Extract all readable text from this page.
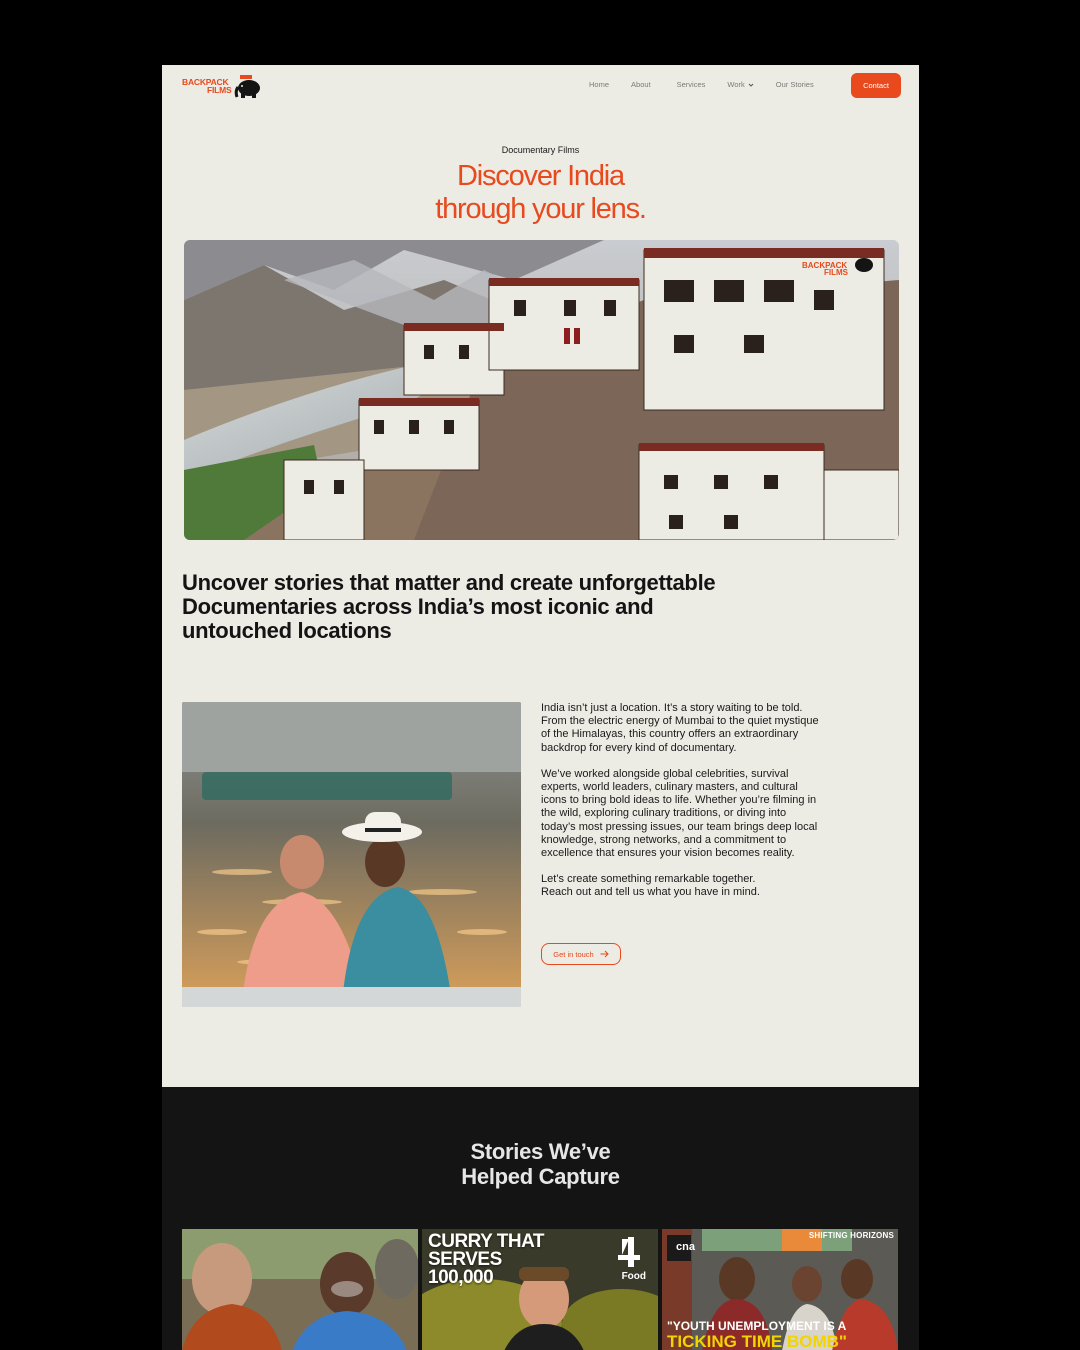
BACKPACK
FILMS
Home	About	Services	Work	Our Stories	Contact
Documentary Films
Discover India
through your lens.
BACKPACK
FILMS
Uncover stories that matter and create unforgettable
Documentaries across India’s most iconic and
untouched locations

India isn’t just a location. It’s a story waiting to be told.
From the electric energy of Mumbai to the quiet mystique
of the Himalayas, this country offers an extraordinary
backdrop for every kind of documentary.

We’ve worked alongside global celebrities, survival
experts, world leaders, culinary masters, and cultural
icons to bring bold ideas to life. Whether you’re filming in
the wild, exploring culinary traditions, or diving into
today’s most pressing issues, our team brings deep local
knowledge, strong networks, and a commitment to
excellence that ensures your vision becomes reality.

Let’s create something remarkable together.
Reach out and tell us what you have in mind.

Get in touch
Stories We’ve
Helped Capture
CURRY THAT
SERVES
100,000	Food
SHIFTING HORIZONS
cna
"YOUTH UNEMPLOYMENT IS A
TICKING TIME BOMB"
